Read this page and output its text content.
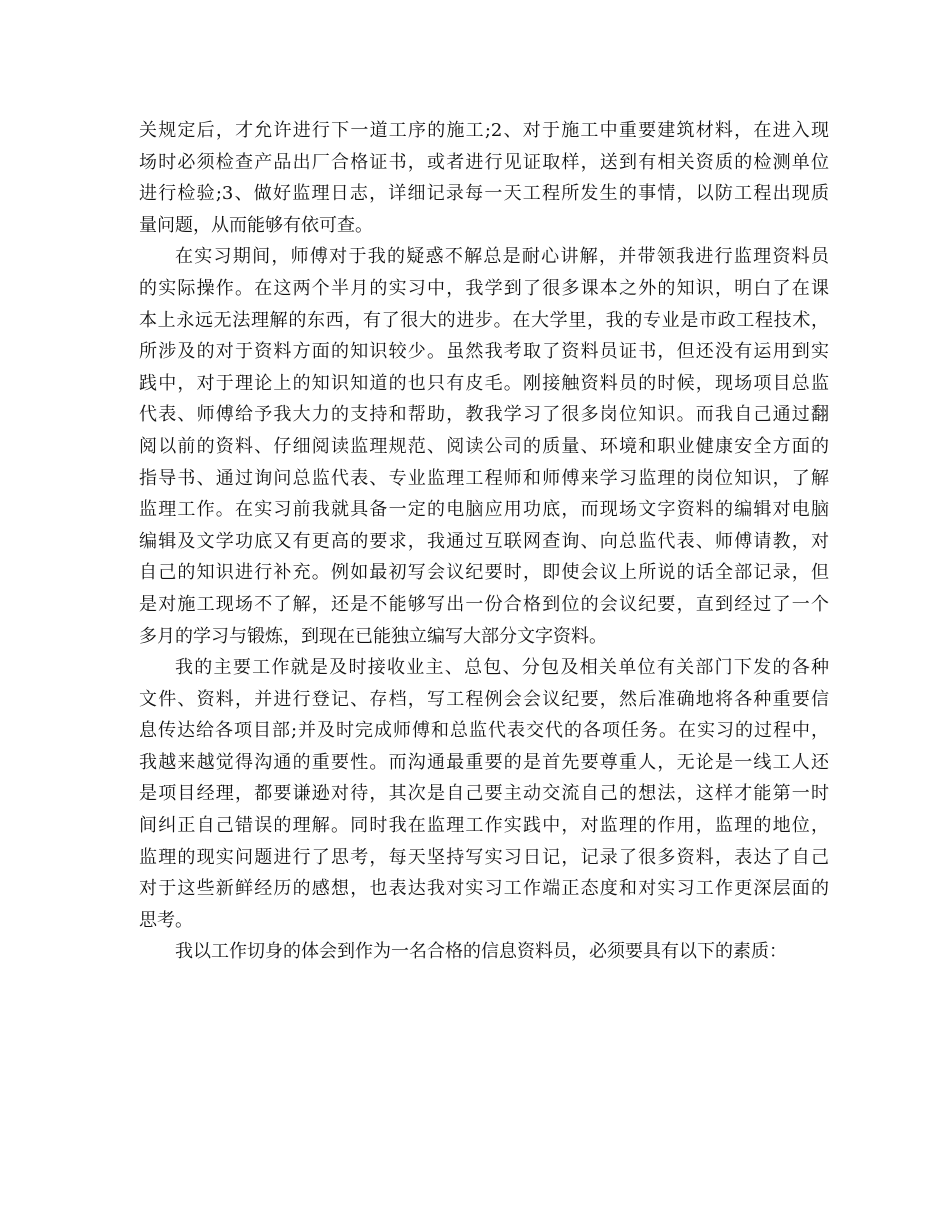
关规定后，才允许进行下一道工序的施工;2、对于施工中重要建筑材料，在进入现
场时必须检查产品出厂合格证书，或者进行见证取样，送到有相关资质的检测单位
进行检验;3、做好监理日志，详细记录每一天工程所发生的事情，以防工程出现质
量问题，从而能够有依可查。
在实习期间，师傅对于我的疑惑不解总是耐心讲解，并带领我进行监理资料员
的实际操作。在这两个半月的实习中，我学到了很多课本之外的知识，明白了在课
本上永远无法理解的东西，有了很大的进步。在大学里，我的专业是市政工程技术，
所涉及的对于资料方面的知识较少。虽然我考取了资料员证书，但还没有运用到实
践中，对于理论上的知识知道的也只有皮毛。刚接触资料员的时候，现场项目总监
代表、师傅给予我大力的支持和帮助，教我学习了很多岗位知识。而我自己通过翻
阅以前的资料、仔细阅读监理规范、阅读公司的质量、环境和职业健康安全方面的
指导书、通过询问总监代表、专业监理工程师和师傅来学习监理的岗位知识，了解
监理工作。在实习前我就具备一定的电脑应用功底，而现场文字资料的编辑对电脑
编辑及文学功底又有更高的要求，我通过互联网查询、向总监代表、师傅请教，对
自己的知识进行补充。例如最初写会议纪要时，即使会议上所说的话全部记录，但
是对施工现场不了解，还是不能够写出一份合格到位的会议纪要，直到经过了一个
多月的学习与锻炼，到现在已能独立编写大部分文字资料。
我的主要工作就是及时接收业主、总包、分包及相关单位有关部门下发的各种
文件、资料，并进行登记、存档，写工程例会会议纪要，然后准确地将各种重要信
息传达给各项目部;并及时完成师傅和总监代表交代的各项任务。在实习的过程中，
我越来越觉得沟通的重要性。而沟通最重要的是首先要尊重人，无论是一线工人还
是项目经理，都要谦逊对待，其次是自己要主动交流自己的想法，这样才能第一时
间纠正自己错误的理解。同时我在监理工作实践中，对监理的作用，监理的地位，
监理的现实问题进行了思考，每天坚持写实习日记，记录了很多资料，表达了自己
对于这些新鲜经历的感想，也表达我对实习工作端正态度和对实习工作更深层面的
思考。
我以工作切身的体会到作为一名合格的信息资料员，必须要具有以下的素质：
